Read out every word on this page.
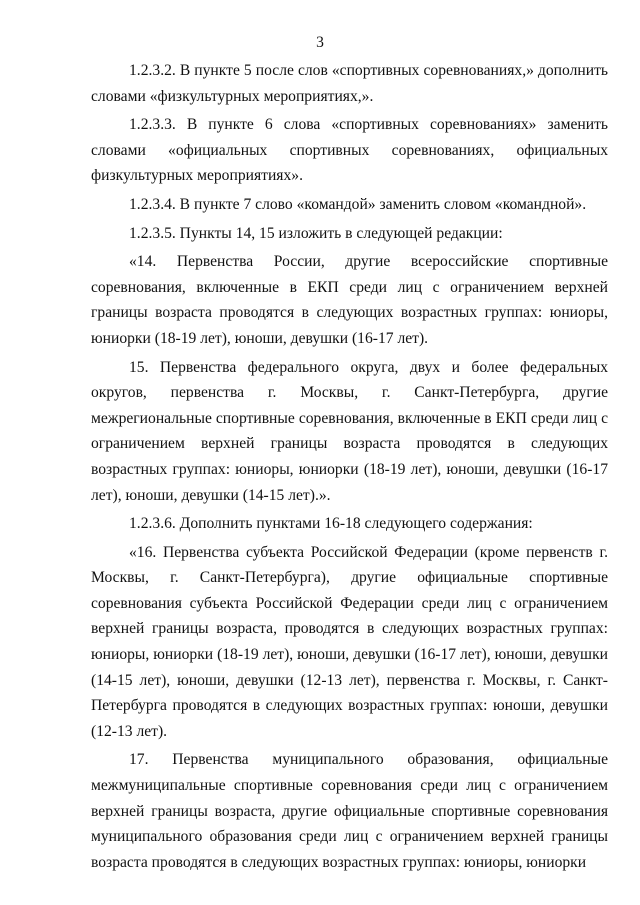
3

1.2.3.2. В пункте 5 после слов «спортивных соревнованиях,» дополнить словами «физкультурных мероприятиях,».

1.2.3.3. В пункте 6 слова «спортивных соревнованиях» заменить словами «официальных спортивных соревнованиях, официальных физкультурных мероприятиях».

1.2.3.4. В пункте 7 слово «командой» заменить словом «командной».

1.2.3.5. Пункты 14, 15 изложить в следующей редакции:

«14. Первенства России, другие всероссийские спортивные соревнования, включенные в ЕКП среди лиц с ограничением верхней границы возраста проводятся в следующих возрастных группах: юниоры, юниорки (18-19 лет), юноши, девушки (16-17 лет).

15. Первенства федерального округа, двух и более федеральных округов, первенства г. Москвы, г. Санкт-Петербурга, другие межрегиональные спортивные соревнования, включенные в ЕКП среди лиц с ограничением верхней границы возраста проводятся в следующих возрастных группах: юниоры, юниорки (18-19 лет), юноши, девушки (16-17 лет), юноши, девушки (14-15 лет).».

1.2.3.6. Дополнить пунктами 16-18 следующего содержания:

«16. Первенства субъекта Российской Федерации (кроме первенств г. Москвы, г. Санкт-Петербурга), другие официальные спортивные соревнования субъекта Российской Федерации среди лиц с ограничением верхней границы возраста, проводятся в следующих возрастных группах: юниоры, юниорки (18-19 лет), юноши, девушки (16-17 лет), юноши, девушки (14-15 лет), юноши, девушки (12-13 лет), первенства г. Москвы, г. Санкт-Петербурга проводятся в следующих возрастных группах: юноши, девушки (12-13 лет).

17. Первенства муниципального образования, официальные межмуниципальные спортивные соревнования среди лиц с ограничением верхней границы возраста, другие официальные спортивные соревнования муниципального образования среди лиц с ограничением верхней границы возраста проводятся в следующих возрастных группах: юниоры, юниорки
